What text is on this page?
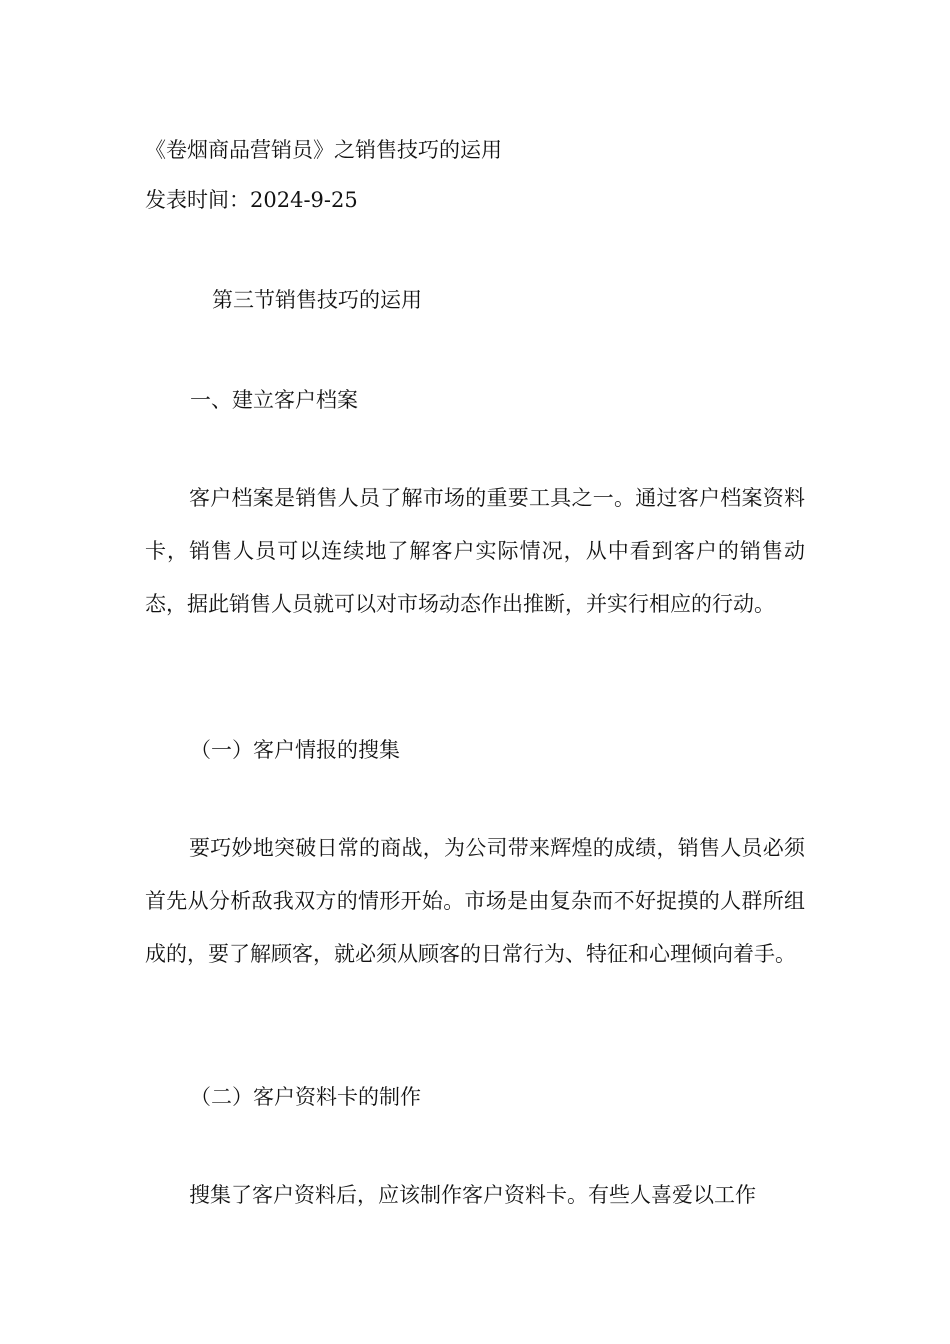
《卷烟商品营销员》之销售技巧的运用

发表时间：2024-9-25

第三节销售技巧的运用

一、建立客户档案

客户档案是销售人员了解市场的重要工具之一。通过客户档案资料卡，销售人员可以连续地了解客户实际情况，从中看到客户的销售动态，据此销售人员就可以对市场动态作出推断，并实行相应的行动。

（一）客户情报的搜集

要巧妙地突破日常的商战，为公司带来辉煌的成绩，销售人员必须首先从分析敌我双方的情形开始。市场是由复杂而不好捉摸的人群所组成的，要了解顾客，就必须从顾客的日常行为、特征和心理倾向着手。

（二）客户资料卡的制作

搜集了客户资料后，应该制作客户资料卡。有些人喜爱以工作
